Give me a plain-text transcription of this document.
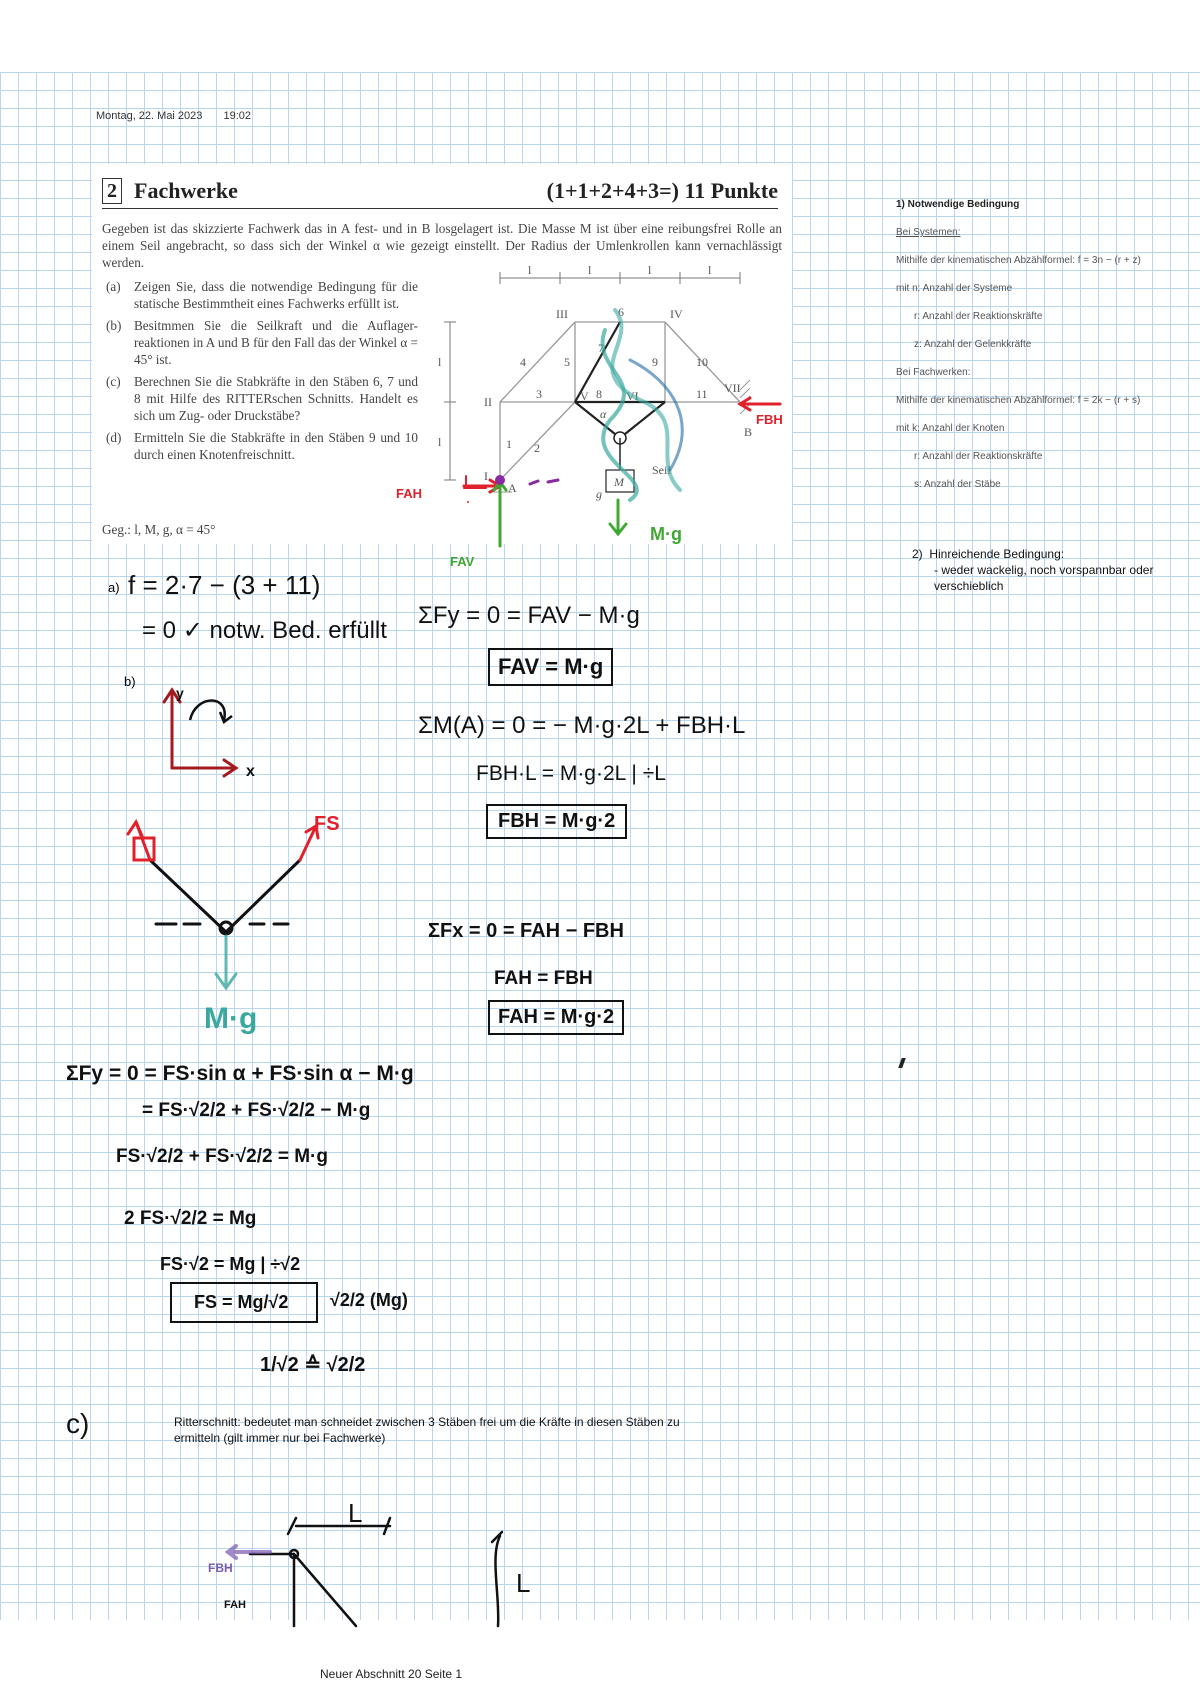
Montag, 22. Mai 2023 19:02
2 Fachwerke	(1+1+2+4+3=) 11 Punkte
Gegeben ist das skizzierte Fachwerk das in A fest- und in B losgelagert ist. Die Masse M ist über eine reibungsfrei Rolle an einem Seil angebracht, so dass sich der Winkel α wie gezeigt einstellt. Der Radius der Umlenkrollen kann vernachlässigt werden.
(a)	Zeigen Sie, dass die notwendige Bedingung für die statische Bestimmtheit eines Fachwerks erfüllt ist.
(b) Besitmmen Sie die Seilkraft und die Auflager-reaktionen in A und B für den Fall das der Winkel α = 45° ist.
(c)	Berechnen Sie die Stabkräfte in den Stäben 6, 7 und 8 mit Hilfe des RITTERschen Schnitts. Handelt es sich um Zug- oder Druckstäbe?
(d) Ermitteln Sie die Stabkräfte in den Stäben 9 und 10 durch einen Knotenfreischnitt.
Geg.: l, M, g, α = 45°
l	l	l	l
l
l
II
III	IV
V	VI
VII
I
1 2
3
4	5
6
7
8
9	10
11
A
B
Seil
M
g
α
FAH
FAV
FBH
M·g
1) Notwendige Bedingung
Bei Systemen:
Mithilfe der kinematischen Abzählformel: f = 3n − (r + z)
mit n: Anzahl der Systeme
r: Anzahl der Reaktionskräfte
z: Anzahl der Gelenkkräfte
Bei Fachwerken:
Mithilfe der kinematischen Abzählformel: f = 2k − (r + s)
mit k: Anzahl der Knoten
r: Anzahl der Reaktionskräfte
s: Anzahl der Stäbe
2) Hinreichende Bedingung:
- weder wackelig, noch vorspannbar oder
verschieblich
a) f = 2·7 − (3 + 11)
= 0 ✓ notw. Bed. erfüllt
b)
y
x
FS
M·g
ΣFy = 0 = FAV − M·g
FAV = M·g
ΣM(A) = 0 = − M·g·2L + FBH·L
FBH·L = M·g·2L | ÷L
FBH = M·g·2
ΣFx = 0 = FAH − FBH
FAH = FBH
FAH = M·g·2
ΣFy = 0 = FS·sin α + FS·sin α − M·g
= FS·√2/2 + FS·√2/2 − M·g
FS·√2/2 + FS·√2/2 = M·g
2 FS·√2/2 = Mg
FS·√2 = Mg | ÷√2
FS = Mg/√2	√2/2 (Mg)
1/√2 ≙ √2/2
c)	Ritterschnitt: bedeutet man schneidet zwischen 3 Stäben frei um die Kräfte in diesen Stäben zu
ermitteln (gilt immer nur bei Fachwerke)
L
L
FBH
FAH
Neuer Abschnitt 20 Seite 1
